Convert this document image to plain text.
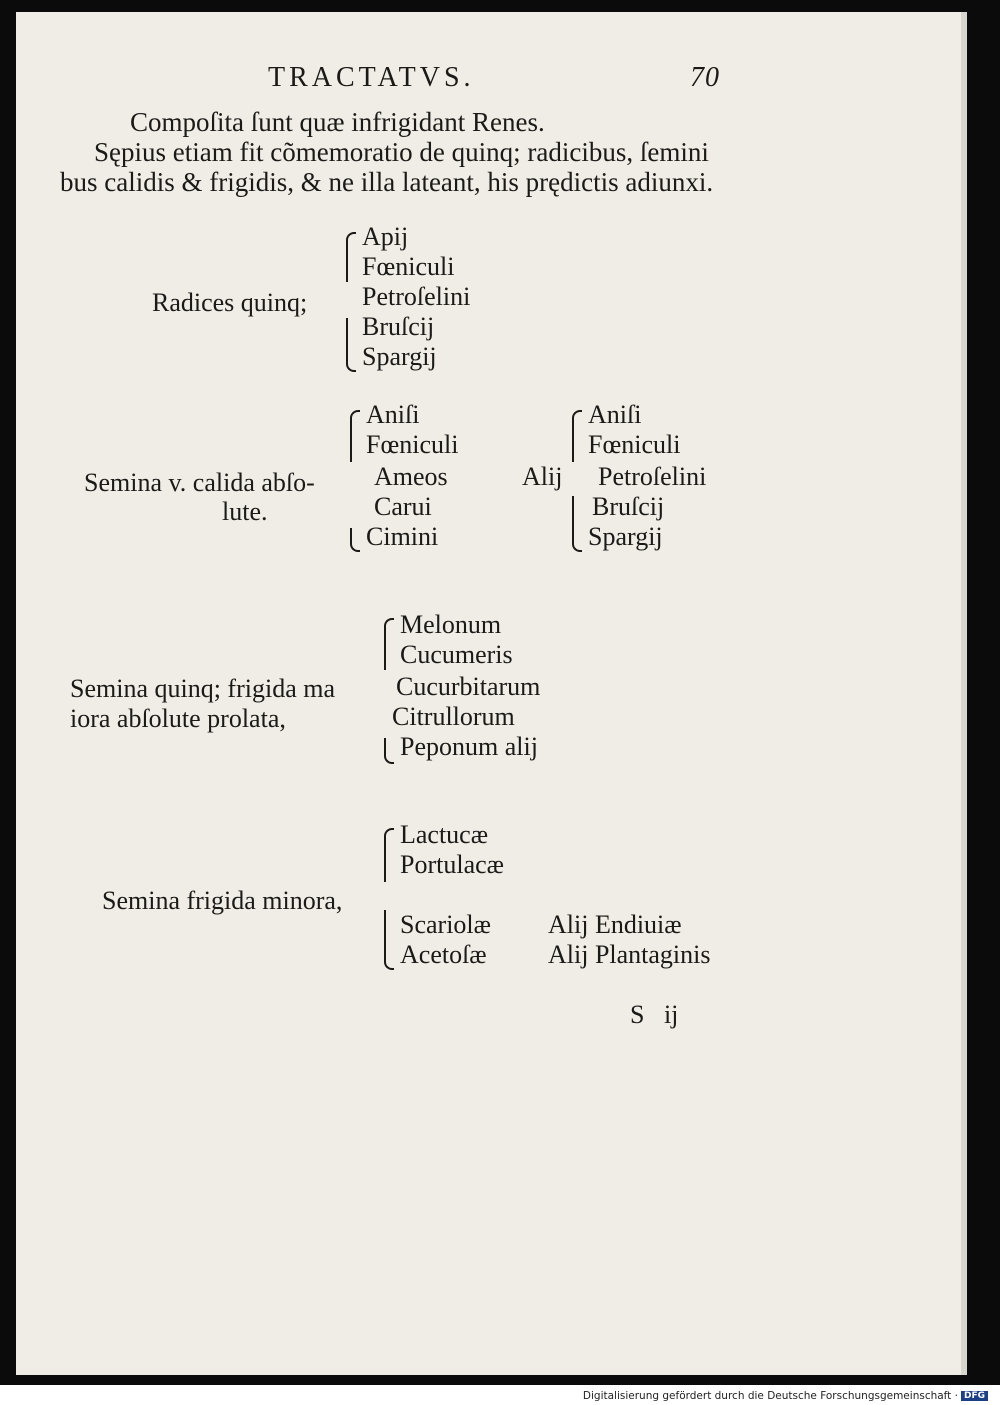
TRACTATVS.	70
Compoſita ſunt quæ infrigidant Renes.
Sępius etiam fit cõmemoratio de quinq; radicibus, ſemini
bus calidis & frigidis, & ne illa lateant, his prędictis adiunxi.
Radices quinq;
Apij
Fœniculi
Petroſelini
Bruſcij
Spargij
Semina v. calida abſo-
lute.
Aniſi
Fœniculi
Ameos
Carui
Cimini
Alij
Aniſi
Fœniculi
Petroſelini
Bruſcij
Spargij
Semina quinq; frigida ma
iora abſolute prolata,
Melonum
Cucumeris
Cucurbitarum
Citrullorum
Peponum alij
Semina frigida minora,
Lactucæ
Portulacæ
Scariolæ
Acetoſæ
Alij Endiuiæ
Alij Plantaginis
S   ij
Digitalisierung gefördert durch die Deutsche Forschungsgemeinschaft · DFG
